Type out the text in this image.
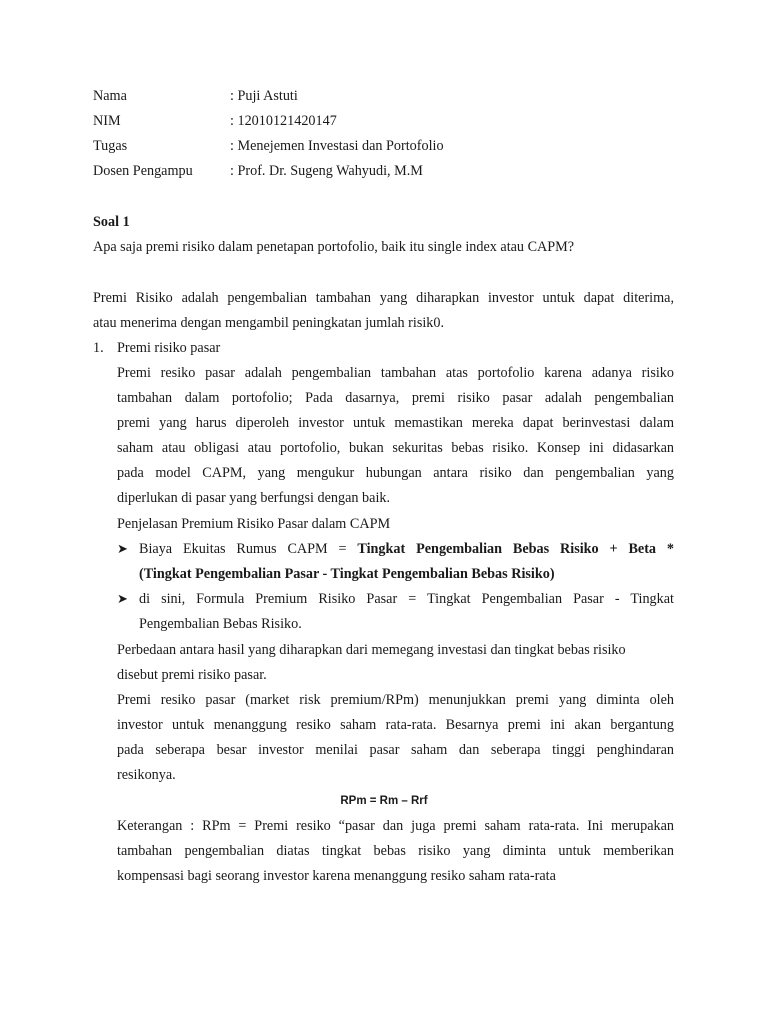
Nama	: Puji Astuti
NIM	: 12010121420147
Tugas	: Menejemen Investasi dan Portofolio
Dosen Pengampu	: Prof. Dr. Sugeng Wahyudi, M.M
Soal 1
Apa saja premi risiko dalam penetapan portofolio, baik itu single index atau CAPM?
Premi Risiko adalah pengembalian tambahan yang diharapkan investor untuk dapat diterima,
atau menerima dengan mengambil peningkatan jumlah risik0.
1. Premi risiko pasar
Premi resiko pasar adalah pengembalian tambahan atas portofolio karena adanya risiko
tambahan dalam portofolio; Pada dasarnya, premi risiko pasar adalah pengembalian
premi yang harus diperoleh investor untuk memastikan mereka dapat berinvestasi dalam
saham atau obligasi atau portofolio, bukan sekuritas bebas risiko. Konsep ini didasarkan
pada model CAPM, yang mengukur hubungan antara risiko dan pengembalian yang
diperlukan di pasar yang berfungsi dengan baik.
Penjelasan Premium Risiko Pasar dalam CAPM
➤ Biaya Ekuitas Rumus CAPM = Tingkat Pengembalian Bebas Risiko + Beta *
(Tingkat Pengembalian Pasar - Tingkat Pengembalian Bebas Risiko)
➤ di sini, Formula Premium Risiko Pasar = Tingkat Pengembalian Pasar - Tingkat
Pengembalian Bebas Risiko.
Perbedaan antara hasil yang diharapkan dari memegang investasi dan tingkat bebas risiko
disebut premi risiko pasar.
Premi resiko pasar (market risk premium/RPm) menunjukkan premi yang diminta oleh
investor untuk menanggung resiko saham rata-rata. Besarnya premi ini akan bergantung
pada seberapa besar investor menilai pasar saham dan seberapa tinggi penghindaran
resikonya.
RPm = Rm – Rrf
Keterangan : RPm = Premi resiko “pasar dan juga premi saham rata-rata. Ini merupakan
tambahan pengembalian diatas tingkat bebas risiko yang diminta untuk memberikan
kompensasi bagi seorang investor karena menanggung resiko saham rata-rata
